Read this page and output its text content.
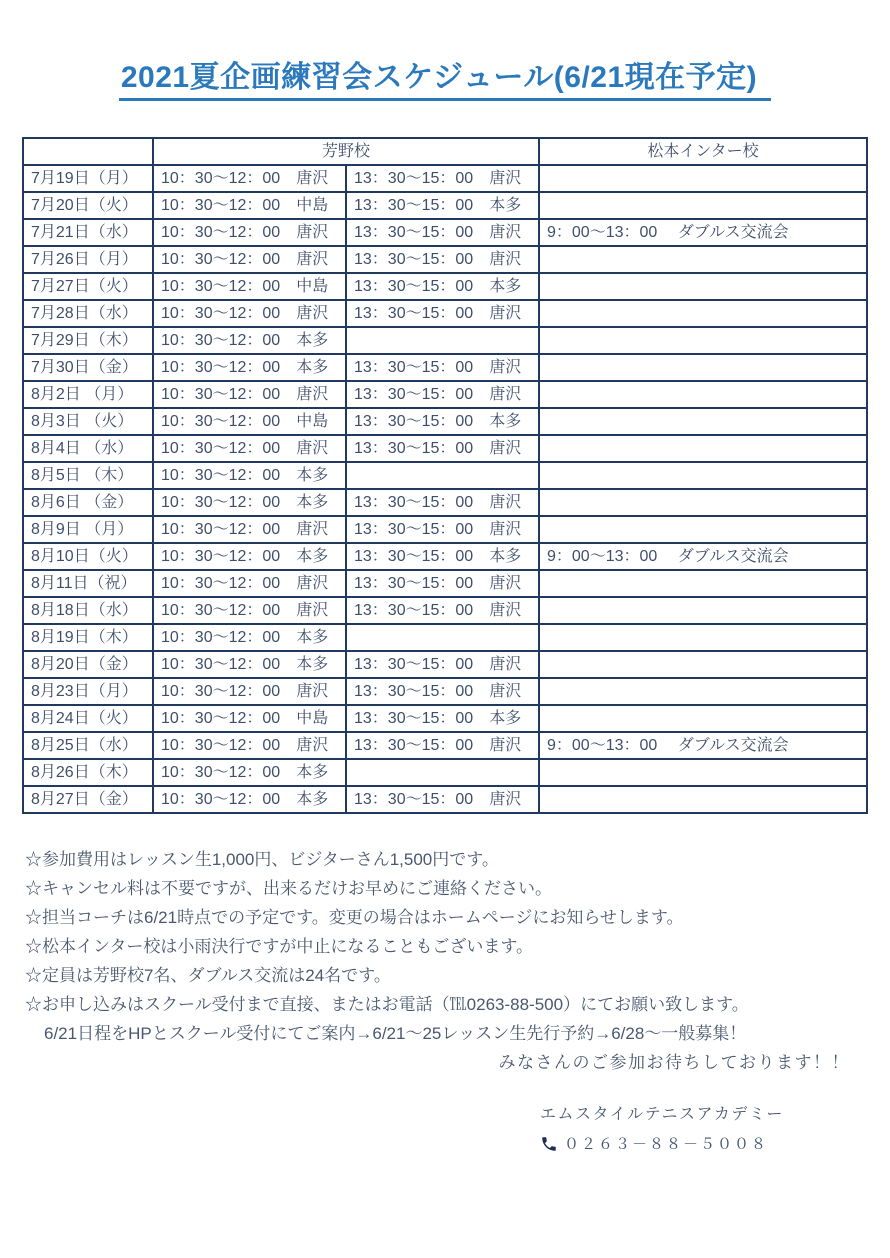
2021夏企画練習会スケジュール(6/21現在予定)
	芳野校		松本インター校
7月19日（月）	10：30～12：00　唐沢	13：30～15：00　唐沢	
7月20日（火）	10：30～12：00　中島	13：30～15：00　本多	
7月21日（水）	10：30～12：00　唐沢	13：30～15：00　唐沢	9：00～13：00　 ダブルス交流会
7月26日（月）	10：30～12：00　唐沢	13：30～15：00　唐沢	
7月27日（火）	10：30～12：00　中島	13：30～15：00　本多	
7月28日（水）	10：30～12：00　唐沢	13：30～15：00　唐沢	
7月29日（木）	10：30～12：00　本多		
7月30日（金）	10：30～12：00　本多	13：30～15：00　唐沢	
8月2日 （月）	10：30～12：00　唐沢	13：30～15：00　唐沢	
8月3日 （火）	10：30～12：00　中島	13：30～15：00　本多	
8月4日 （水）	10：30～12：00　唐沢	13：30～15：00　唐沢	
8月5日 （木）	10：30～12：00　本多		
8月6日 （金）	10：30～12：00　本多	13：30～15：00　唐沢	
8月9日 （月）	10：30～12：00　唐沢	13：30～15：00　唐沢	
8月10日（火）	10：30～12：00　本多	13：30～15：00　本多	9：00～13：00　 ダブルス交流会
8月11日（祝）	10：30～12：00　唐沢	13：30～15：00　唐沢	
8月18日（水）	10：30～12：00　唐沢	13：30～15：00　唐沢	
8月19日（木）	10：30～12：00　本多		
8月20日（金）	10：30～12：00　本多	13：30～15：00　唐沢	
8月23日（月）	10：30～12：00　唐沢	13：30～15：00　唐沢	
8月24日（火）	10：30～12：00　中島	13：30～15：00　本多	
8月25日（水）	10：30～12：00　唐沢	13：30～15：00　唐沢	9：00～13：00　 ダブルス交流会
8月26日（木）	10：30～12：00　本多		
8月27日（金）	10：30～12：00　本多	13：30～15：00　唐沢	
☆参加費用はレッスン生1,000円、ビジターさん1,500円です。
☆キャンセル料は不要ですが、出来るだけお早めにご連絡ください。
☆担当コーチは6/21時点での予定です。変更の場合はホームページにお知らせします。
☆松本インター校は小雨決行ですが中止になることもございます。
☆定員は芳野校7名、ダブルス交流は24名です。
☆お申し込みはスクール受付まで直接、またはお電話（℡0263-88-500）にてお願い致します。
6/21日程をHPとスクール受付にてご案内→6/21～25レッスン生先行予約→6/28～一般募集！
みなさんのご参加お待ちしております！！
エムスタイルテニスアカデミー
０２６３－８８－５００８
